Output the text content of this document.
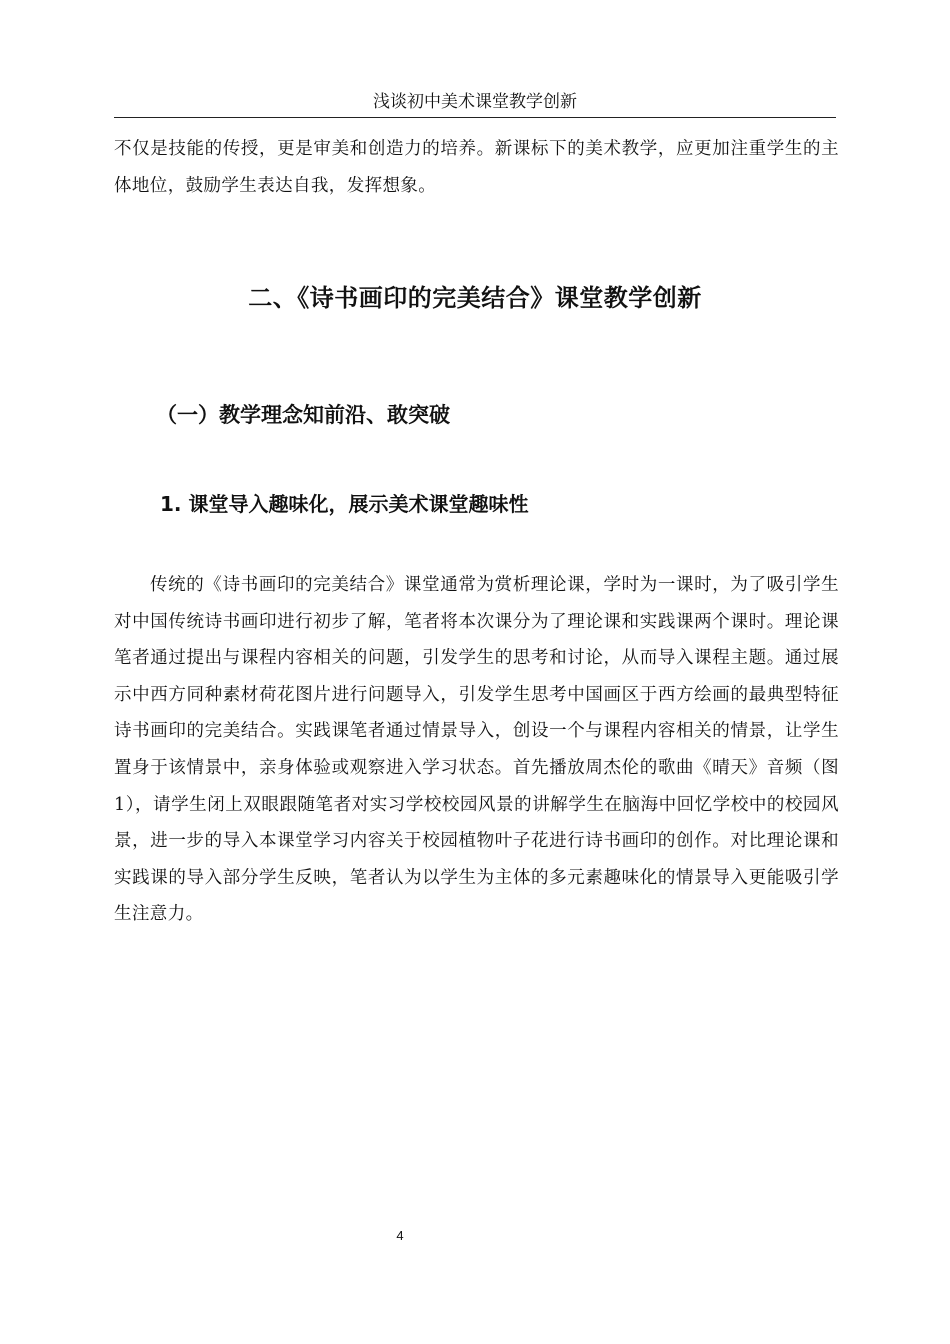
浅谈初中美术课堂教学创新

不仅是技能的传授，更是审美和创造力的培养。新课标下的美术教学，应更加注重学生的主体地位，鼓励学生表达自我，发挥想象。

二、《诗书画印的完美结合》课堂教学创新
（一）教学理念知前沿、敢突破
1. 课堂导入趣味化，展示美术课堂趣味性

传统的《诗书画印的完美结合》课堂通常为赏析理论课，学时为一课时，为了吸引学生对中国传统诗书画印进行初步了解，笔者将本次课分为了理论课和实践课两个课时。理论课笔者通过提出与课程内容相关的问题，引发学生的思考和讨论，从而导入课程主题。通过展示中西方同种素材荷花图片进行问题导入，引发学生思考中国画区于西方绘画的最典型特征诗书画印的完美结合。实践课笔者通过情景导入，创设一个与课程内容相关的情景，让学生置身于该情景中，亲身体验或观察进入学习状态。首先播放周杰伦的歌曲《晴天》音频（图 1），请学生闭上双眼跟随笔者对实习学校校园风景的讲解学生在脑海中回忆学校中的校园风景，进一步的导入本课堂学习内容关于校园植物叶子花进行诗书画印的创作。对比理论课和实践课的导入部分学生反映，笔者认为以学生为主体的多元素趣味化的情景导入更能吸引学生注意力。

4
